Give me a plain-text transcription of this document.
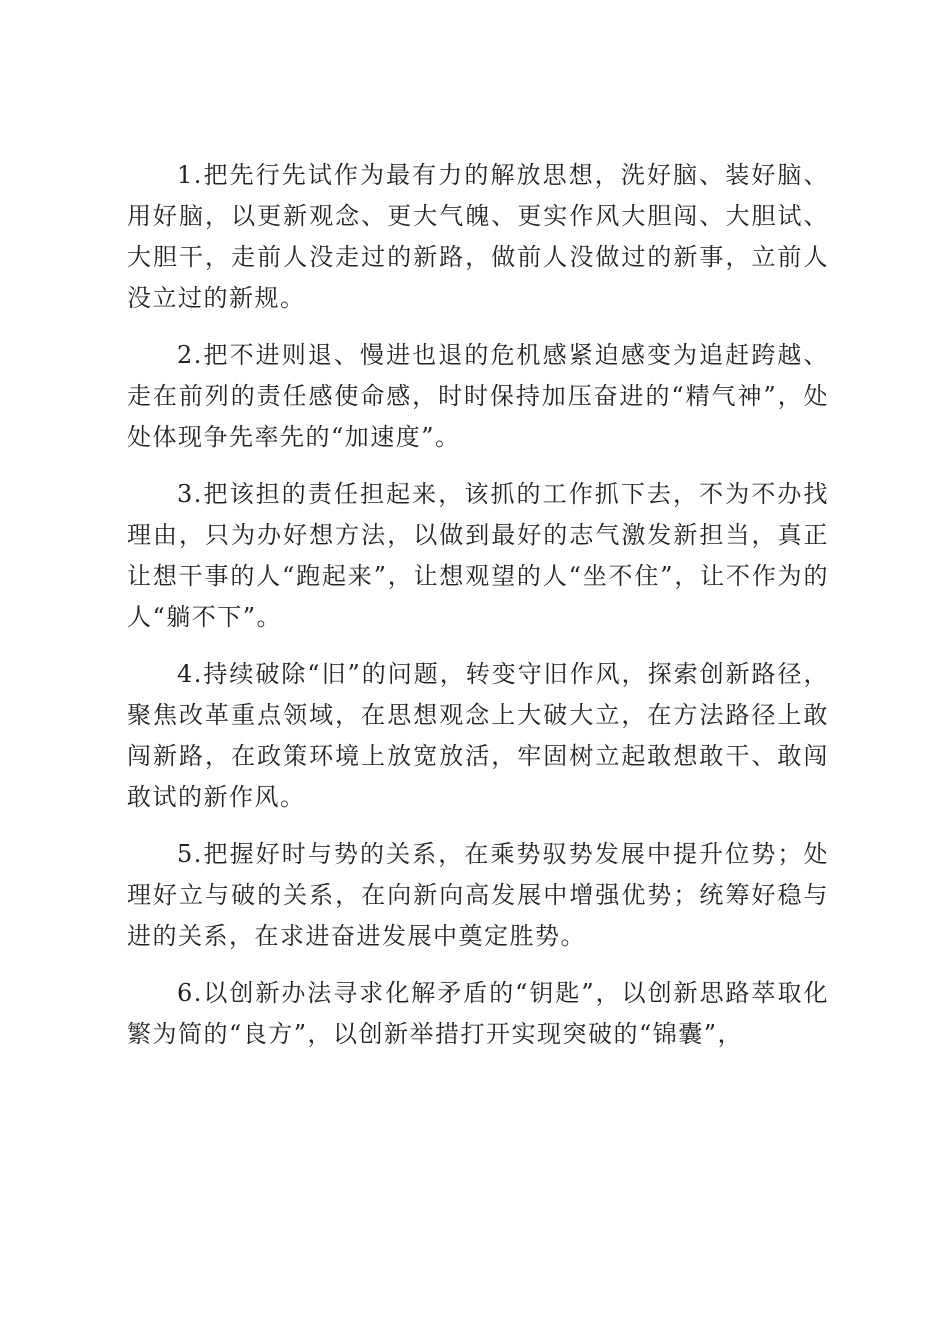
1.把先行先试作为最有力的解放思想，洗好脑、装好脑、用好脑，以更新观念、更大气魄、更实作风大胆闯、大胆试、大胆干，走前人没走过的新路，做前人没做过的新事，立前人没立过的新规。

2.把不进则退、慢进也退的危机感紧迫感变为追赶跨越、走在前列的责任感使命感，时时保持加压奋进的“精气神”，处处体现争先率先的“加速度”。

3.把该担的责任担起来，该抓的工作抓下去，不为不办找理由，只为办好想方法，以做到最好的志气激发新担当，真正让想干事的人“跑起来”，让想观望的人“坐不住”，让不作为的人“躺不下”。

4.持续破除“旧”的问题，转变守旧作风，探索创新路径，聚焦改革重点领域，在思想观念上大破大立，在方法路径上敢闯新路，在政策环境上放宽放活，牢固树立起敢想敢干、敢闯敢试的新作风。

5.把握好时与势的关系，在乘势驭势发展中提升位势；处理好立与破的关系，在向新向高发展中增强优势；统筹好稳与进的关系，在求进奋进发展中奠定胜势。

6.以创新办法寻求化解矛盾的“钥匙”，以创新思路萃取化繁为简的“良方”，以创新举措打开实现突破的“锦囊”，
